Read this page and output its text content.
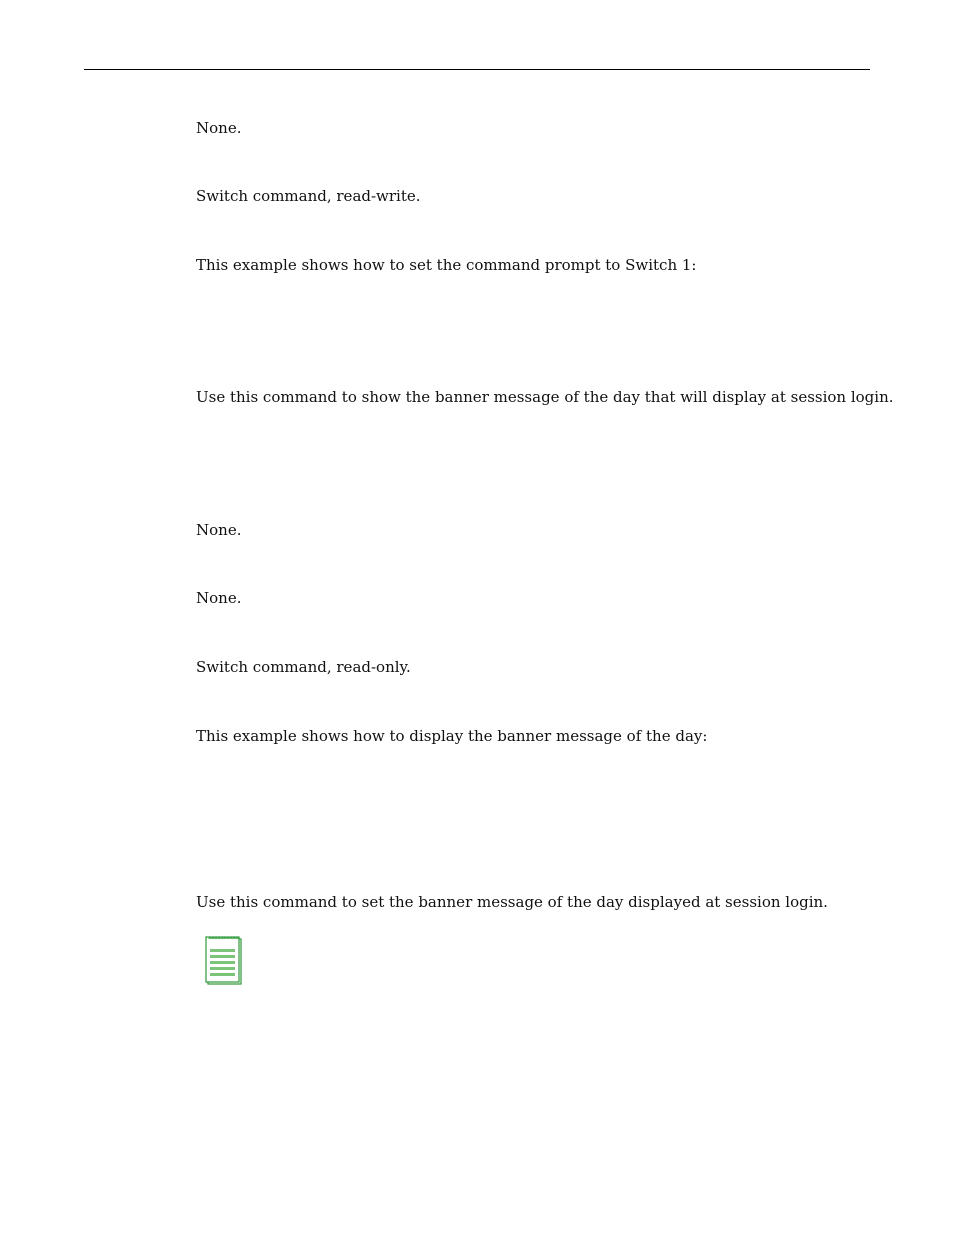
None.

Switch command, read-write.

This example shows how to set the command prompt to Switch 1:

Use this command to show the banner message of the day that will display at session login.

None.

None.

Switch command, read-only.

This example shows how to display the banner message of the day:

Use this command to set the banner message of the day displayed at session login.
